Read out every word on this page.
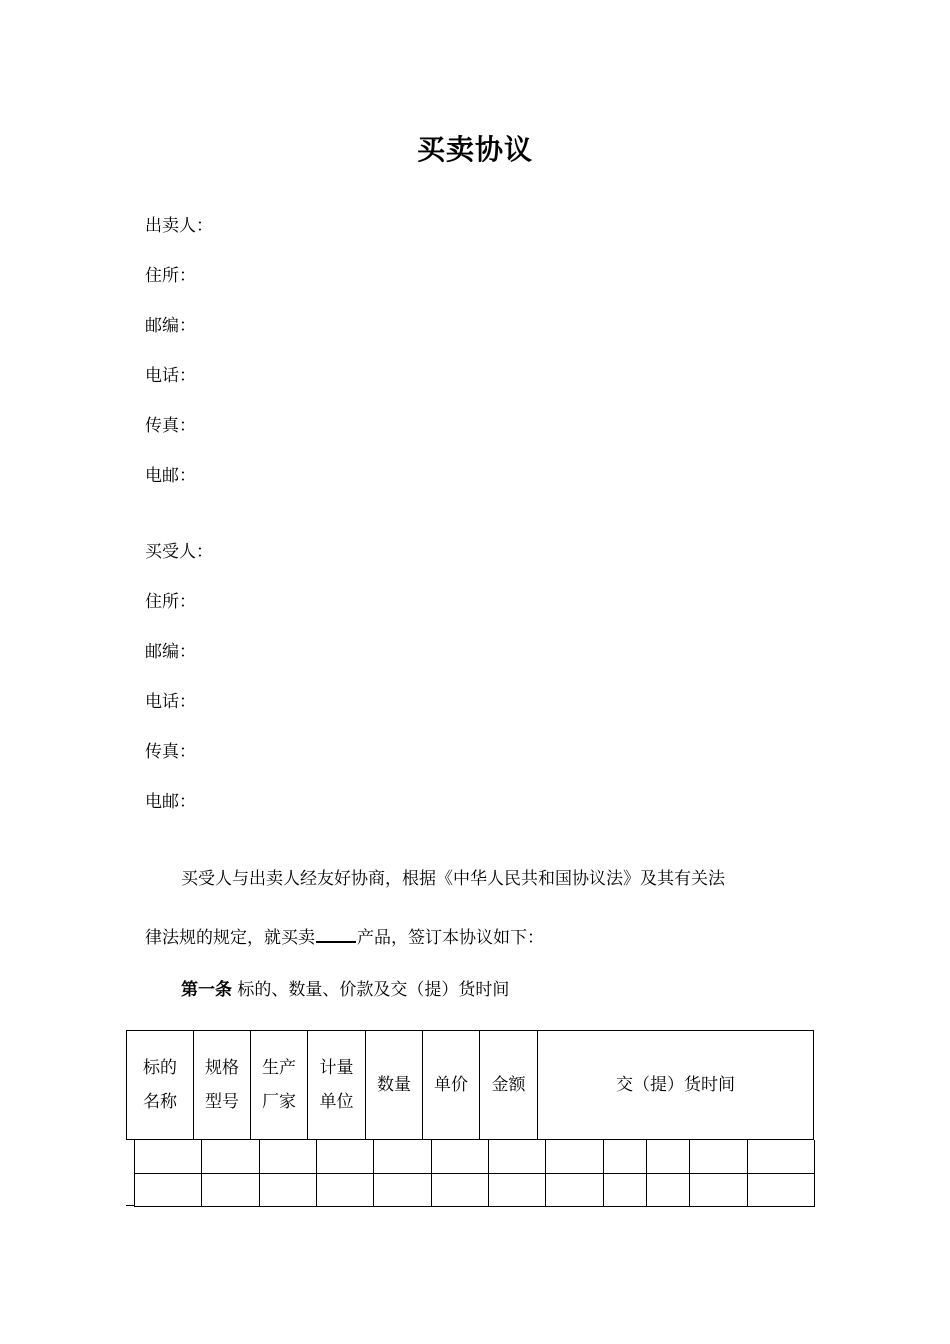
买卖协议
出卖人：
住所：
邮编：
电话：
传真：
电邮：
买受人：
住所：
邮编：
电话：
传真：
电邮：
买受人与出卖人经友好协商，根据《中华人民共和国协议法》及其有关法
律法规的规定，就买卖 产品，签订本协议如下：
第一条 标的、数量、价款及交（提）货时间
标的
名称
规格
型号
生产
厂家
计量
单位
数量 单价 金额	交（提）货时间
